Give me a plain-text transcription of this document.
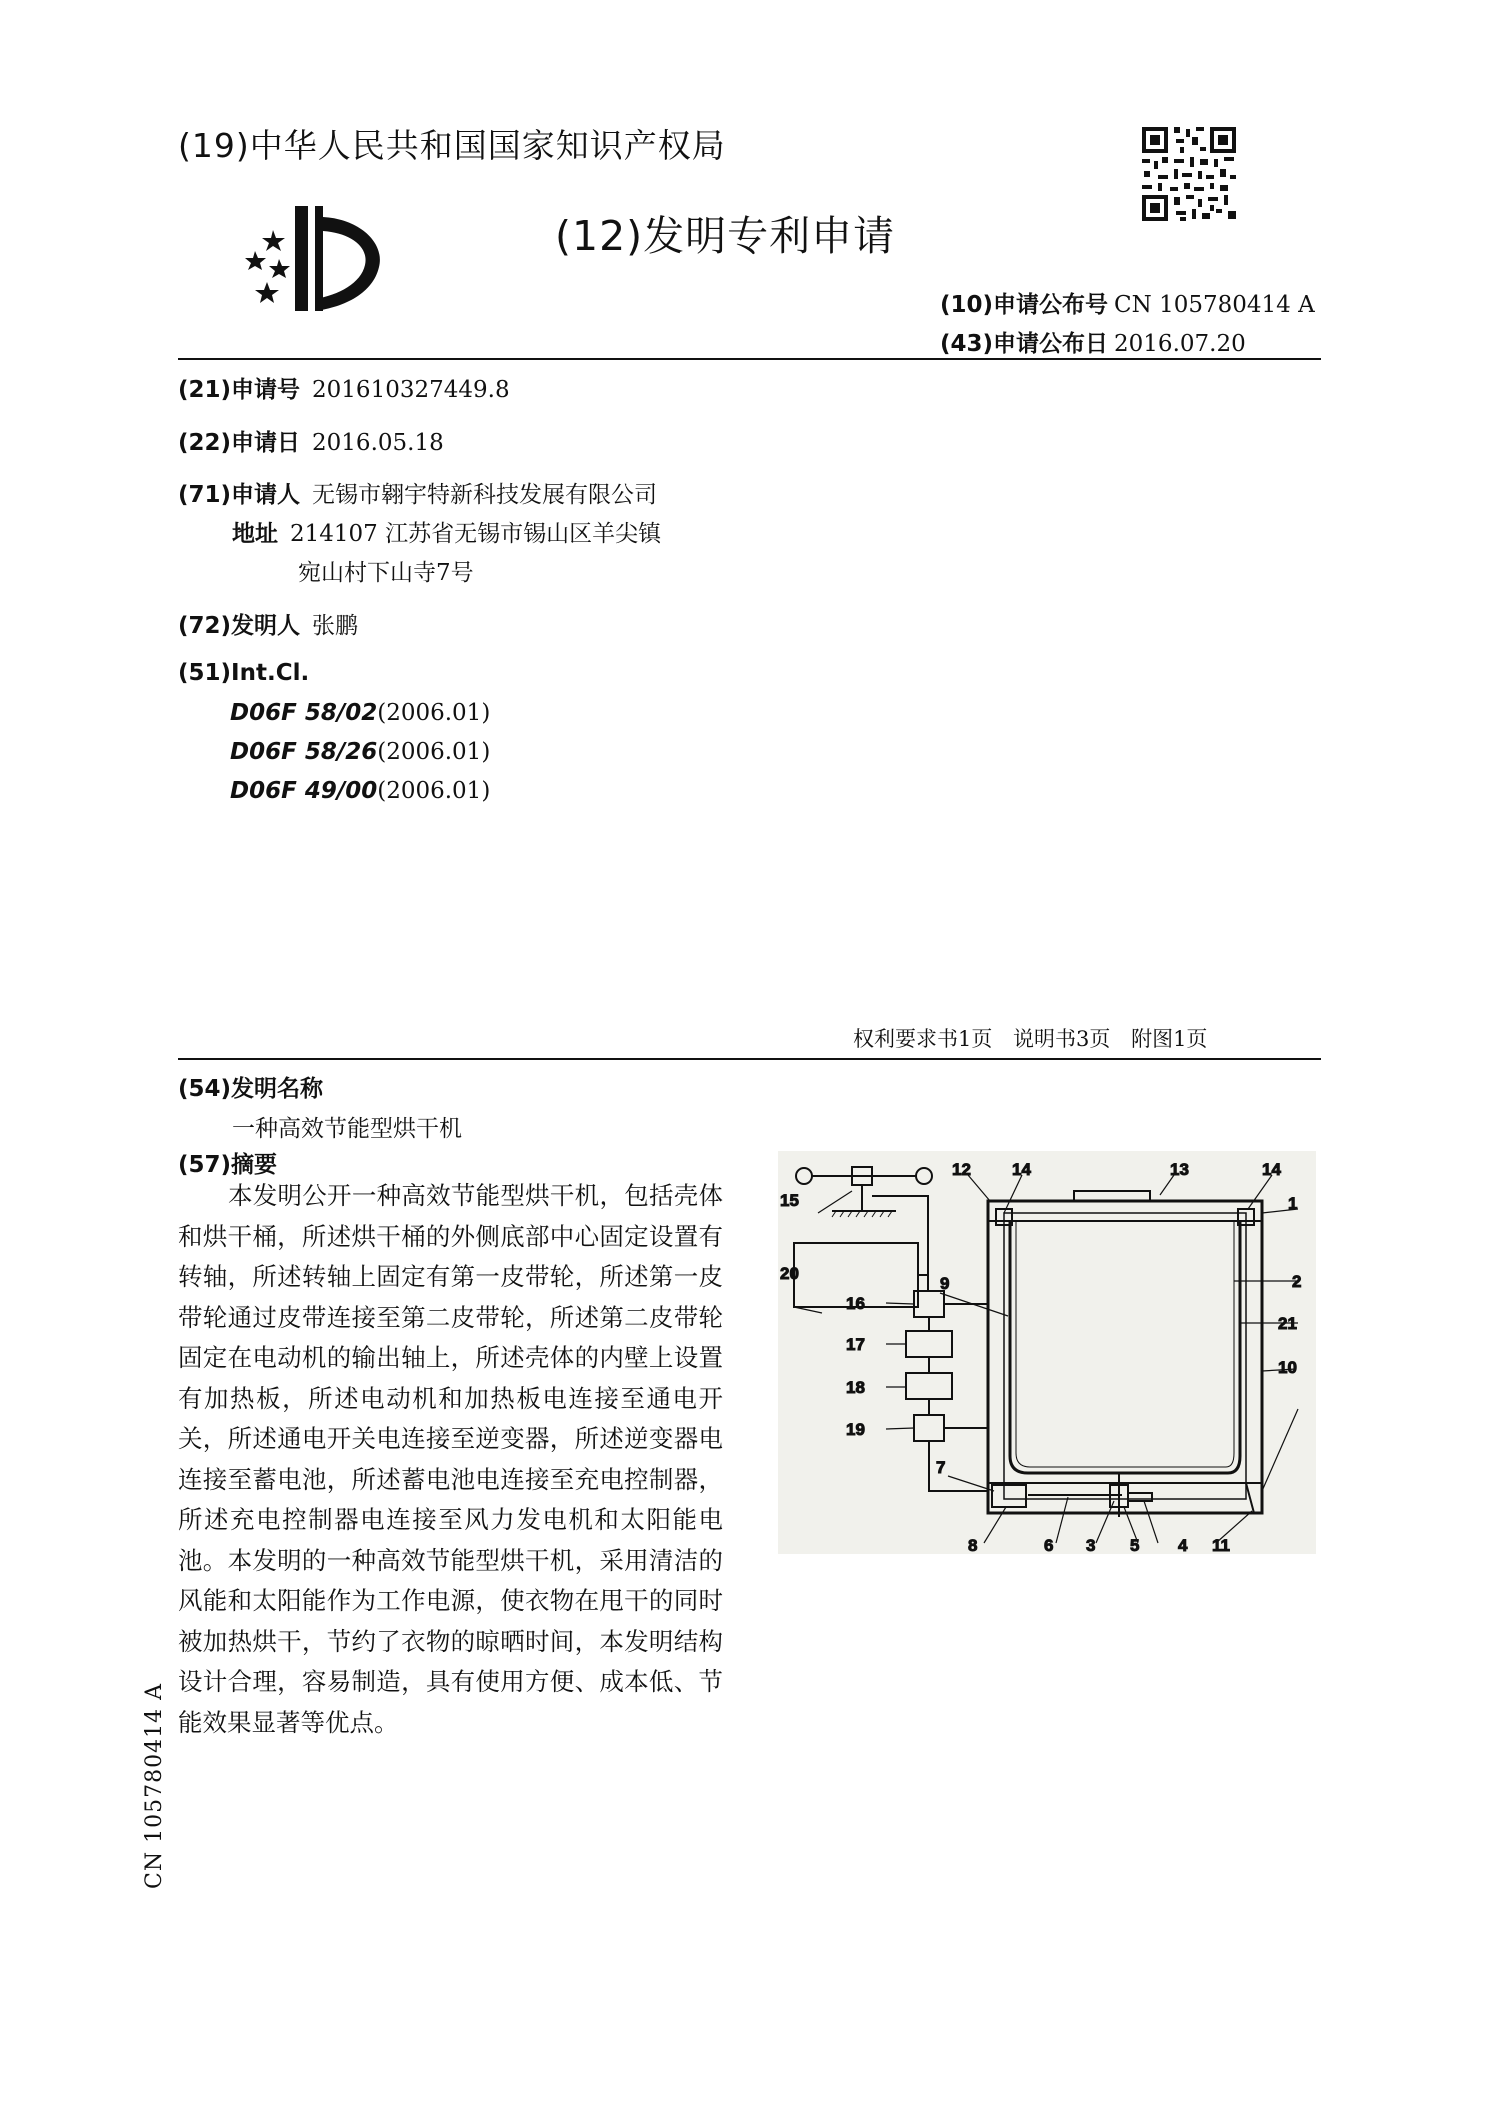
(19)中华人民共和国国家知识产权局
(12)发明专利申请
(10)申请公布号 CN 105780414 A
(43)申请公布日 2016.07.20
(21)申请号 201610327449.8
(22)申请日 2016.05.18
(71)申请人 无锡市翱宇特新科技发展有限公司
地址 214107 江苏省无锡市锡山区羊尖镇
宛山村下山寺7号
(72)发明人 张鹏
(51)Int.Cl.
D06F 58/02(2006.01)
D06F 58/26(2006.01)
D06F 49/00(2006.01)
权利要求书1页 说明书3页 附图1页
(54)发明名称
一种高效节能型烘干机
(57)摘要

本发明公开一种高效节能型烘干机，包括壳体和烘干桶，所述烘干桶的外侧底部中心固定设置有转轴，所述转轴上固定有第一皮带轮，所述第一皮带轮通过皮带连接至第二皮带轮，所述第二皮带轮固定在电动机的输出轴上，所述壳体的内壁上设置有加热板，所述电动机和加热板电连接至通电开关，所述通电开关电连接至逆变器，所述逆变器电连接至蓄电池，所述蓄电池电连接至充电控制器，所述充电控制器电连接至风力发电机和太阳能电池。本发明的一种高效节能型烘干机，采用清洁的风能和太阳能作为工作电源，使衣物在甩干的同时被加热烘干，节约了衣物的晾晒时间，本发明结构设计合理，容易制造，具有使用方便、成本低、节能效果显著等优点。

CN 105780414 A
15
20
16
17
18
19
9
7
12 14	13	14
1
2
21
10
8	6 3 5 4 11
